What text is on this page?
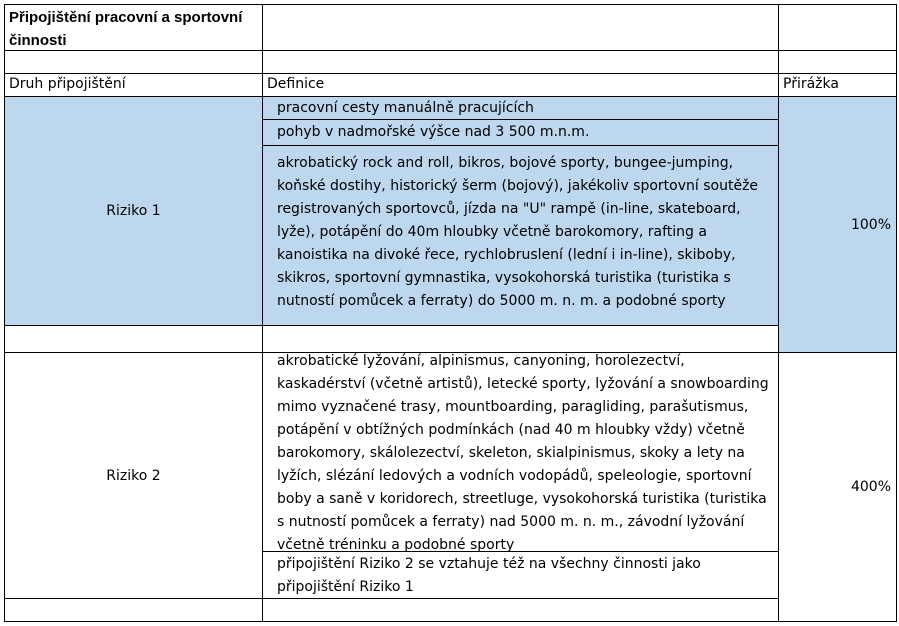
Připojištění pracovní a sportovní činnosti
Druh připojištění	Definice	Přirážka
Riziko 1
pracovní cesty manuálně pracujících
pohyb v nadmořské výšce nad 3 500 m.n.m.
akrobatický rock and roll, bikros, bojové sporty, bungee-jumping,
koňské dostihy, historický šerm (bojový), jakékoliv sportovní soutěže
registrovaných sportovců, jízda na "U" rampě (in-line, skateboard,
lyže), potápění do 40m hloubky včetně barokomory, rafting a
kanoistika na divoké řece, rychlobruslení (lední i in-line), skiboby,
skikros, sportovní gymnastika, vysokohorská turistika (turistika s
nutností pomůcek a ferraty) do 5000 m. n. m. a podobné sporty
100%
Riziko 2
akrobatické lyžování, alpinismus, canyoning, horolezectví,
kaskadérství (včetně artistů), letecké sporty, lyžování a snowboarding
mimo vyznačené trasy, mountboarding, paragliding, parašutismus,
potápění v obtížných podmínkách (nad 40 m hloubky vždy) včetně
barokomory, skálolezectví, skeleton, skialpinismus, skoky a lety na
lyžích, slézání ledových a vodních vodopádů, speleologie, sportovní
boby a saně v koridorech, streetluge, vysokohorská turistika (turistika
s nutností pomůcek a ferraty) nad 5000 m. n. m., závodní lyžování
včetně tréninku a podobné sporty
připojištění Riziko 2 se vztahuje též na všechny činnosti jako
připojištění Riziko 1
400%
